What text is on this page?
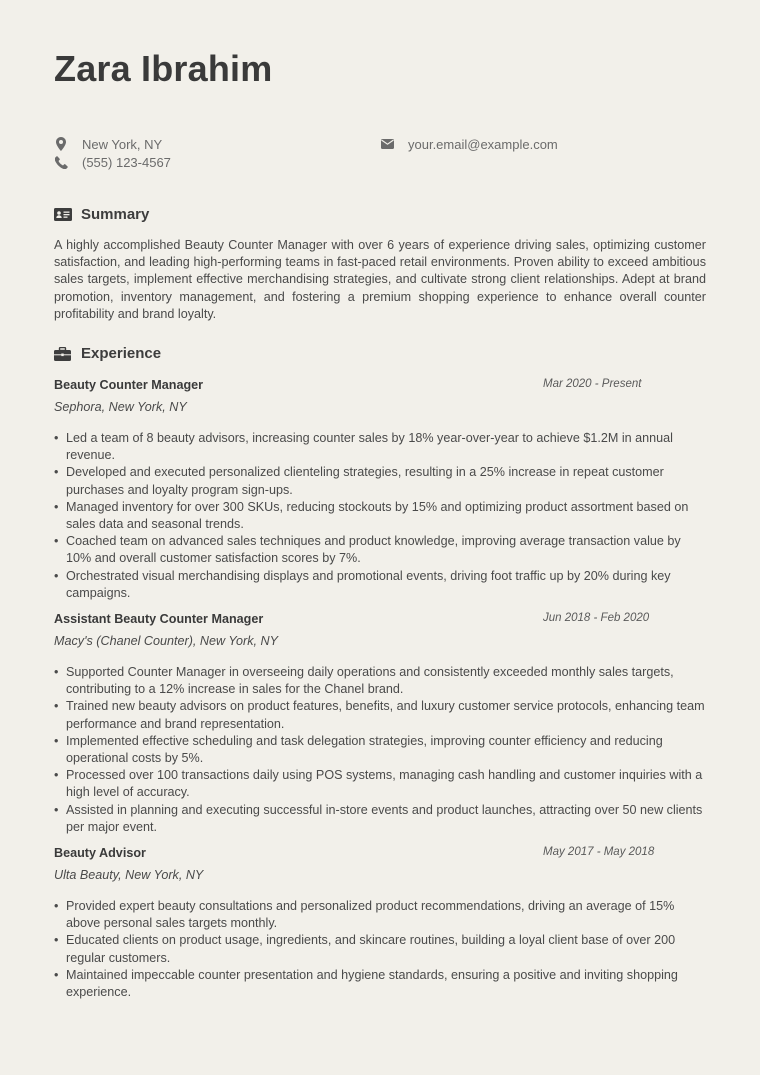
Zara Ibrahim
New York, NY
(555) 123-4567
your.email@example.com
Summary

A highly accomplished Beauty Counter Manager with over 6 years of experience driving sales, optimizing customer satisfaction, and leading high-performing teams in fast-paced retail environments. Proven ability to exceed ambitious sales targets, implement effective merchandising strategies, and cultivate strong client relationships. Adept at brand promotion, inventory management, and fostering a premium shopping experience to enhance overall counter profitability and brand loyalty.

Experience
Beauty Counter Manager	Mar 2020 - Present
Sephora, New York, NY
• Led a team of 8 beauty advisors, increasing counter sales by 18% year-over-year to achieve $1.2M in annual revenue.
• Developed and executed personalized clienteling strategies, resulting in a 25% increase in repeat customer purchases and loyalty program sign-ups.
• Managed inventory for over 300 SKUs, reducing stockouts by 15% and optimizing product assortment based on sales data and seasonal trends.
• Coached team on advanced sales techniques and product knowledge, improving average transaction value by 10% and overall customer satisfaction scores by 7%.
• Orchestrated visual merchandising displays and promotional events, driving foot traffic up by 20% during key campaigns.
Assistant Beauty Counter Manager	Jun 2018 - Feb 2020
Macy's (Chanel Counter), New York, NY
• Supported Counter Manager in overseeing daily operations and consistently exceeded monthly sales targets, contributing to a 12% increase in sales for the Chanel brand.
• Trained new beauty advisors on product features, benefits, and luxury customer service protocols, enhancing team performance and brand representation.
• Implemented effective scheduling and task delegation strategies, improving counter efficiency and reducing operational costs by 5%.
• Processed over 100 transactions daily using POS systems, managing cash handling and customer inquiries with a high level of accuracy.
• Assisted in planning and executing successful in-store events and product launches, attracting over 50 new clients per major event.
Beauty Advisor	May 2017 - May 2018
Ulta Beauty, New York, NY
• Provided expert beauty consultations and personalized product recommendations, driving an average of 15% above personal sales targets monthly.
• Educated clients on product usage, ingredients, and skincare routines, building a loyal client base of over 200 regular customers.
• Maintained impeccable counter presentation and hygiene standards, ensuring a positive and inviting shopping experience.
